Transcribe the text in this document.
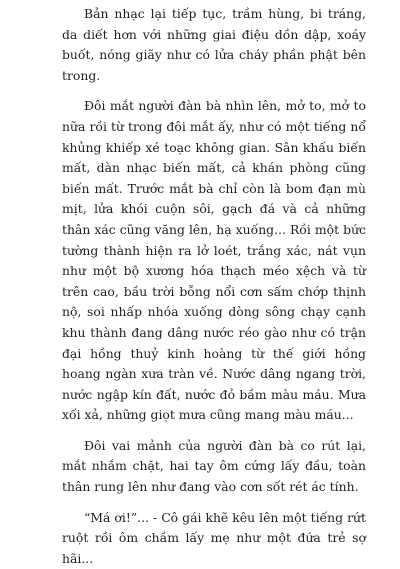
Bản nhạc lại tiếp tục, trầm hùng, bi tráng, da diết hơn với những giai điệu dồn dập, xoáy buốt, nóng giãy như có lửa cháy phần phật bên trong.

Đôi mắt người đàn bà nhìn lên, mở to, mở to nữa rồi từ trong đôi mắt ấy, như có một tiếng nổ khủng khiếp xé toạc không gian. Sân khấu biến mất, dàn nhạc biến mất, cả khán phòng cũng biến mất. Trước mắt bà chỉ còn là bom đạn mù mịt, lửa khói cuộn sôi, gạch đá và cả những thân xác cũng văng lên, hạ xuống... Rồi một bức tường thành hiện ra lở loét, trắng xác, nát vụn như một bộ xương hóa thạch méo xệch và từ trên cao, bầu trời bỗng nổi cơn sấm chớp thịnh nộ, soi nhấp nhóa xuống dòng sông chạy cạnh khu thành đang dâng nước réo gào như có trận đại hồng thuỷ kinh hoàng từ thế giới hồng hoang ngàn xưa tràn về. Nước dâng ngang trời, nước ngập kín đất, nước đỏ bầm màu máu. Mưa xối xả, những giọt mưa cũng mang màu máu...

Đôi vai mảnh của người đàn bà co rút lại, mắt nhắm chặt, hai tay ôm cứng lấy đầu, toàn thân rung lên như đang vào cơn sốt rét ác tính.

“Má ơi!”... - Cô gái khẽ kêu lên một tiếng rứt ruột rồi ôm chầm lấy mẹ như một đứa trẻ sợ hãi...
